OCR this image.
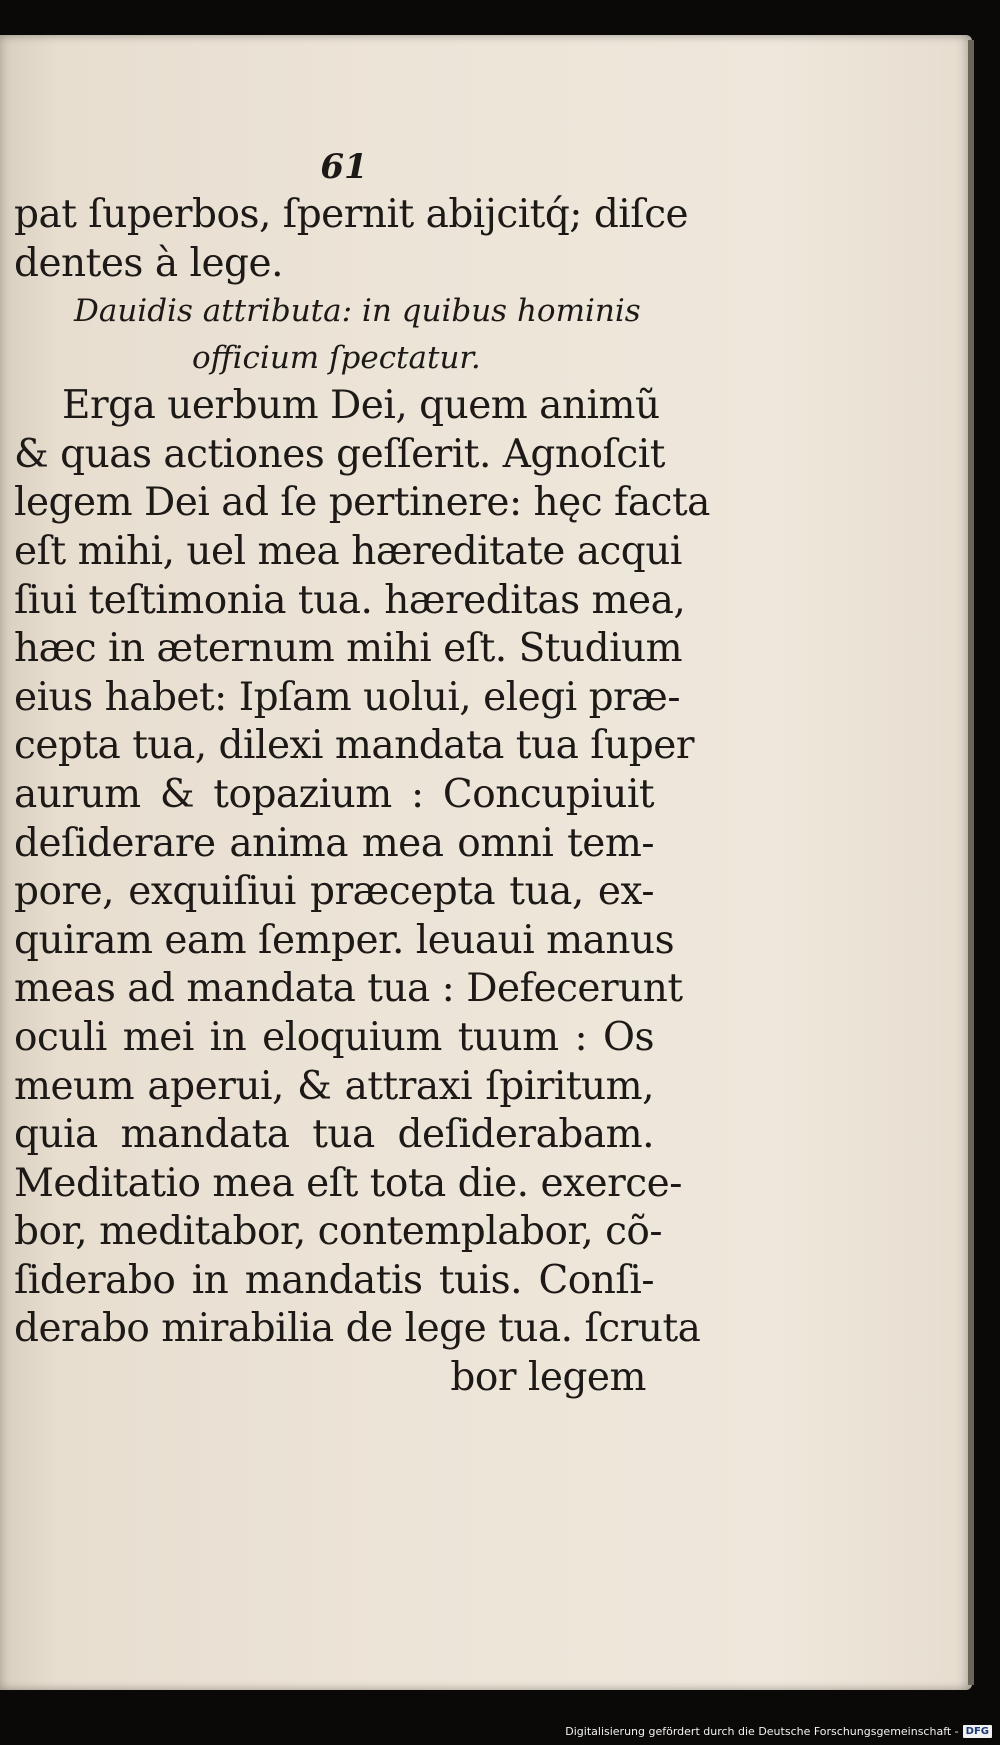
61
pat ſuperbos, ſpernit abijcitq́; diſce
dentes à lege.
Dauidis attributa: in quibus hominis
officium ſpectatur.
Erga uerbum Dei, quem animũ
& quas actiones geſſerit. Agnoſcit
legem Dei ad ſe pertinere: hęc facta
eſt mihi, uel mea hæreditate acqui
ſiui teſtimonia tua. hæreditas mea,
hæc in æternum mihi eſt. Studium
eius habet: Ipſam uolui, elegi præ-
cepta tua, dilexi mandata tua ſuper
aurum & topazium : Concupiuit
deſiderare anima mea omni tem-
pore, exquiſiui præcepta tua, ex-
quiram eam ſemper. leuaui manus
meas ad mandata tua : Defecerunt
oculi mei in eloquium tuum : Os
meum aperui, & attraxi ſpiritum,
quia mandata tua deſiderabam.
Meditatio mea eſt tota die. exerce-
bor, meditabor, contemplabor, cõ-
ſiderabo in mandatis tuis. Conſi-
derabo mirabilia de lege tua. ſcruta
bor legem
Digitalisierung gefördert durch die Deutsche Forschungsgemeinschaft - DFG
